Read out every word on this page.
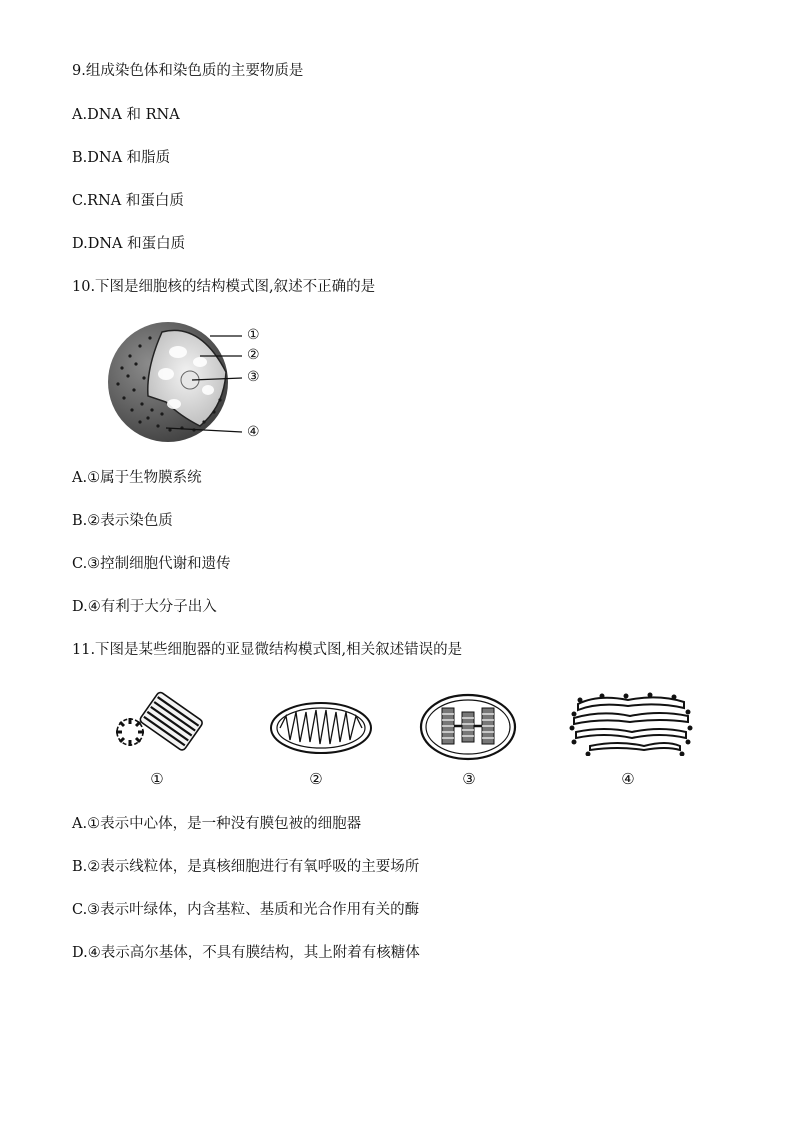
9.组成染色体和染色质的主要物质是
A.DNA 和 RNA
B.DNA 和脂质
C.RNA 和蛋白质
D.DNA 和蛋白质
10.下图是细胞核的结构模式图,叙述不正确的是
①
②
③
④
A.①属于生物膜系统
B.②表示染色质
C.③控制细胞代谢和遗传
D.④有利于大分子出入
11.下图是某些细胞器的亚显微结构模式图,相关叙述错误的是
①	②	③	④
A.①表示中心体，是一种没有膜包被的细胞器
B.②表示线粒体，是真核细胞进行有氧呼吸的主要场所
C.③表示叶绿体，内含基粒、基质和光合作用有关的酶
D.④表示高尔基体，不具有膜结构，其上附着有核糖体
